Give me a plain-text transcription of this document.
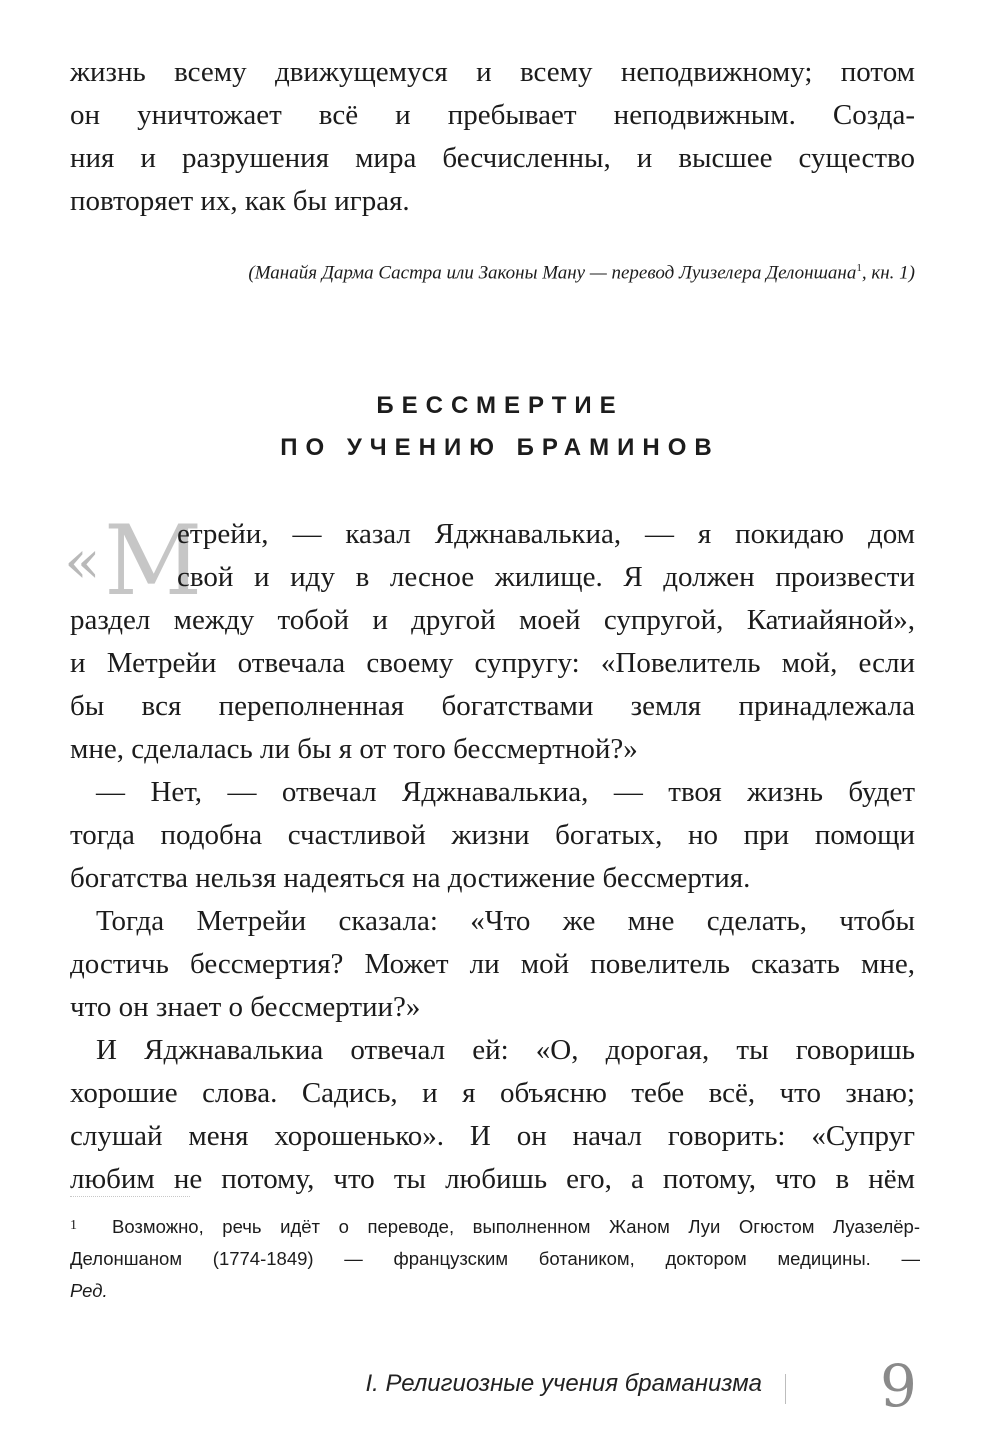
жизнь всему движущемуся и всему неподвижному; потом
он уничтожает всё и пребывает неподвижным. Созда-
ния и разрушения мира бесчисленны, и высшее существо
повторяет их, как бы играя.
(Манайя Дарма Састра или Законы Ману — перевод Луизелера Делоншана$^1$, кн. 1)
БЕССМЕРТИЕ
ПО УЧЕНИЮ БРАМИНОВ
« М
етрейи, — казал Яджнавалькиа, — я покидаю дом
свой и иду в лесное жилище. Я должен произвести
раздел между тобой и другой моей супругой, Катиайяной»,
и Метрейи отвечала своему супругу: «Повелитель мой, если
бы вся переполненная богатствами земля принадлежала
мне, сделалась ли бы я от того бессмертной?»
— Нет, — отвечал Яджнавалькиа, — твоя жизнь будет
тогда подобна счастливой жизни богатых, но при помощи
богатства нельзя надеяться на достижение бессмертия.
Тогда Метрейи сказала: «Что же мне сделать, чтобы
достичь бессмертия? Может ли мой повелитель сказать мне,
что он знает о бессмертии?»
И Яджнавалькиа отвечал ей: «О, дорогая, ты говоришь
хорошие слова. Садись, и я объясню тебе всё, что знаю;
слушай меня хорошенько». И он начал говорить: «Супруг
любим не потому, что ты любишь его, а потому, что в нём
1 Возможно, речь идёт о переводе, выполненном Жаном Луи Огюстом Луазелёр-
Делоншаном (1774-1849) — французским ботаником, доктором медицины. —
Ред.
I. Религиозные учения браманизма 9
